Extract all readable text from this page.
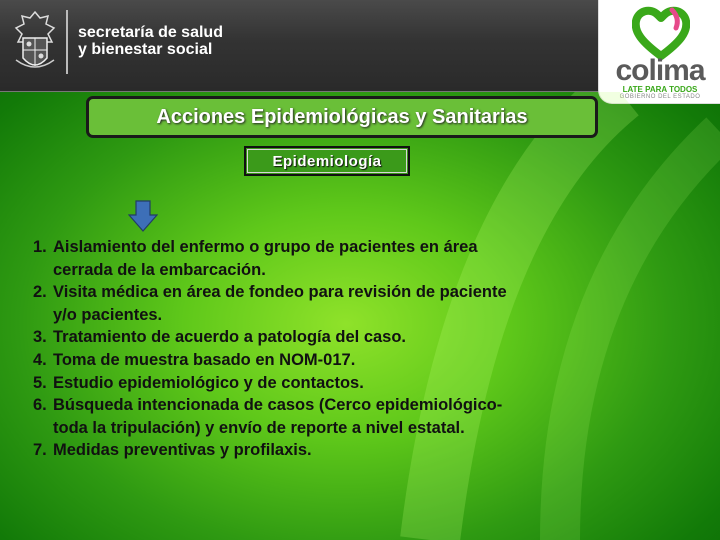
secretaría de salud
y bienestar social
colima
LATE PARA TODOS
GOBIERNO DEL ESTADO
Acciones Epidemiológicas y Sanitarias
Epidemiología
1. Aislamiento del enfermo o grupo de pacientes en área
cerrada de la embarcación.
2. Visita médica en área de fondeo para revisión de paciente
y/o pacientes.
3. Tratamiento de acuerdo a patología del caso.
4. Toma de muestra basado en NOM-017.
5. Estudio epidemiológico y de contactos.
6. Búsqueda intencionada de casos (Cerco epidemiológico-
toda la tripulación) y envío de reporte a nivel estatal.
7. Medidas preventivas y profilaxis.
